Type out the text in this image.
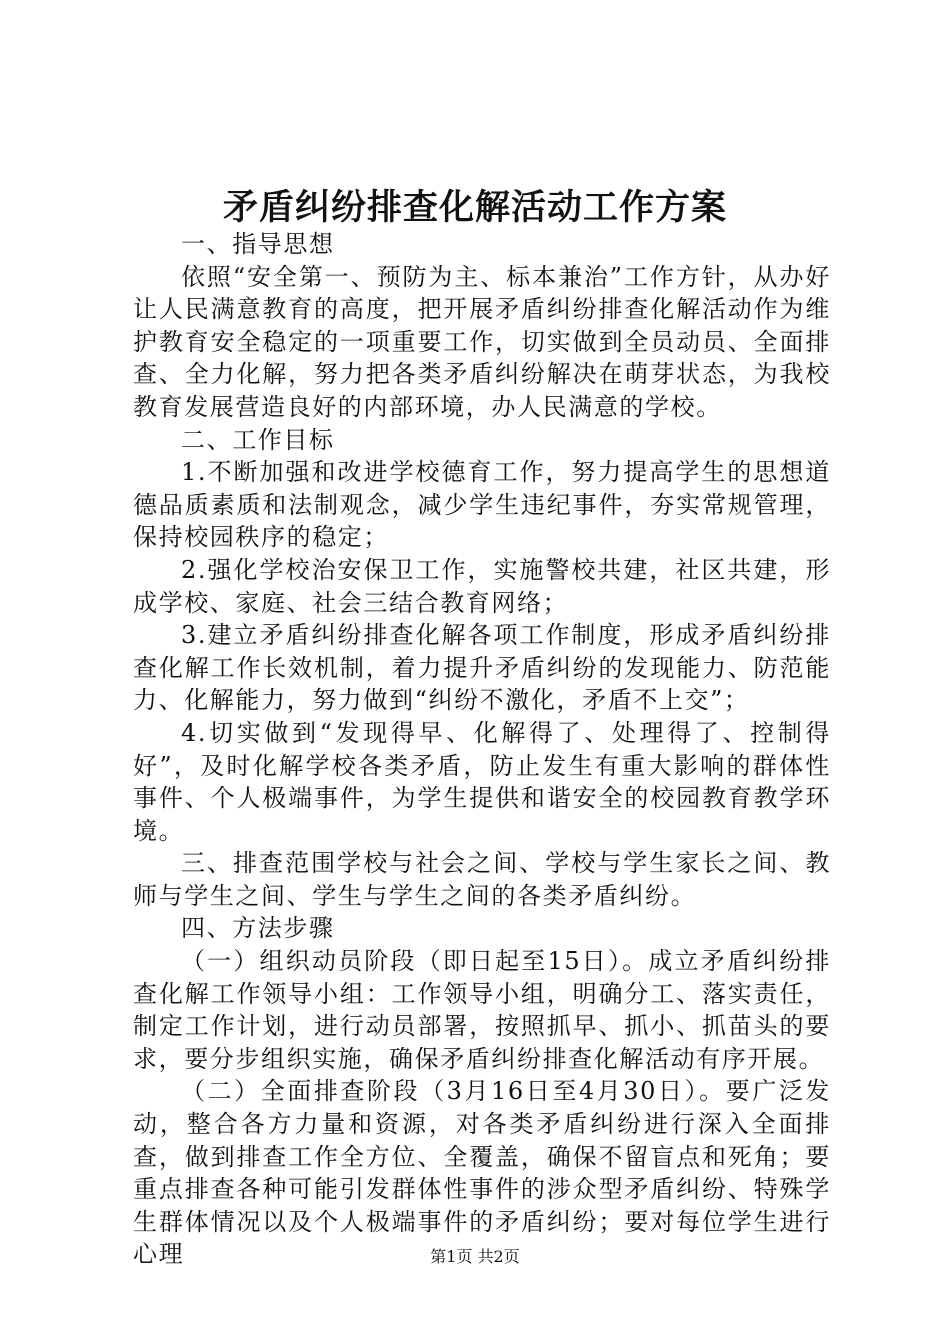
矛盾纠纷排查化解活动工作方案

一、指导思想

依照“安全第一、预防为主、标本兼治”工作方针，从办好让人民满意教育的高度，把开展矛盾纠纷排查化解活动作为维护教育安全稳定的一项重要工作，切实做到全员动员、全面排查、全力化解，努力把各类矛盾纠纷解决在萌芽状态，为我校教育发展营造良好的内部环境，办人民满意的学校。

二、工作目标

1.不断加强和改进学校德育工作，努力提高学生的思想道德品质素质和法制观念，减少学生违纪事件，夯实常规管理，保持校园秩序的稳定；

2.强化学校治安保卫工作，实施警校共建，社区共建，形成学校、家庭、社会三结合教育网络；

3.建立矛盾纠纷排查化解各项工作制度，形成矛盾纠纷排查化解工作长效机制，着力提升矛盾纠纷的发现能力、防范能力、化解能力，努力做到“纠纷不激化，矛盾不上交”；

4.切实做到“发现得早、化解得了、处理得了、控制得好”，及时化解学校各类矛盾，防止发生有重大影响的群体性事件、个人极端事件，为学生提供和谐安全的校园教育教学环境。

三、排查范围学校与社会之间、学校与学生家长之间、教师与学生之间、学生与学生之间的各类矛盾纠纷。

四、方法步骤

（一）组织动员阶段（即日起至15日）。成立矛盾纠纷排查化解工作领导小组：工作领导小组，明确分工、落实责任，制定工作计划，进行动员部署，按照抓早、抓小、抓苗头的要求，要分步组织实施，确保矛盾纠纷排查化解活动有序开展。

（二）全面排查阶段（3月16日至4月30日）。要广泛发动，整合各方力量和资源，对各类矛盾纠纷进行深入全面排查，做到排查工作全方位、全覆盖，确保不留盲点和死角；要重点排查各种可能引发群体性事件的涉众型矛盾纠纷、特殊学生群体情况以及个人极端事件的矛盾纠纷；要对每位学生进行心理	第1页 共2页
